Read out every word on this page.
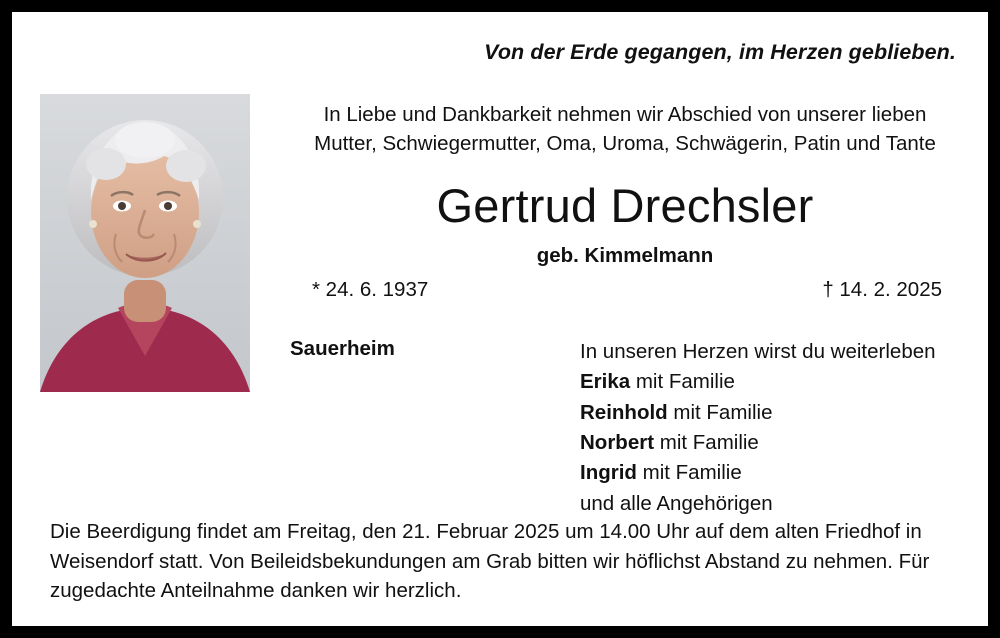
Von der Erde gegangen, im Herzen geblieben.
In Liebe und Dankbarkeit nehmen wir Abschied von unserer lieben
Mutter, Schwiegermutter, Oma, Uroma, Schwägerin, Patin und Tante
Gertrud Drechsler
geb. Kimmelmann
* 24. 6. 1937	† 14. 2. 2025
Sauerheim	In unseren Herzen wirst du weiterleben
Erika mit Familie
Reinhold mit Familie
Norbert mit Familie
Ingrid mit Familie
und alle Angehörigen
Die Beerdigung findet am Freitag, den 21. Februar 2025 um 14.00 Uhr auf dem alten Friedhof in Weisendorf statt. Von Beileidsbekundungen am Grab bitten wir höflichst Abstand zu nehmen. Für zugedachte Anteilnahme danken wir herzlich.
